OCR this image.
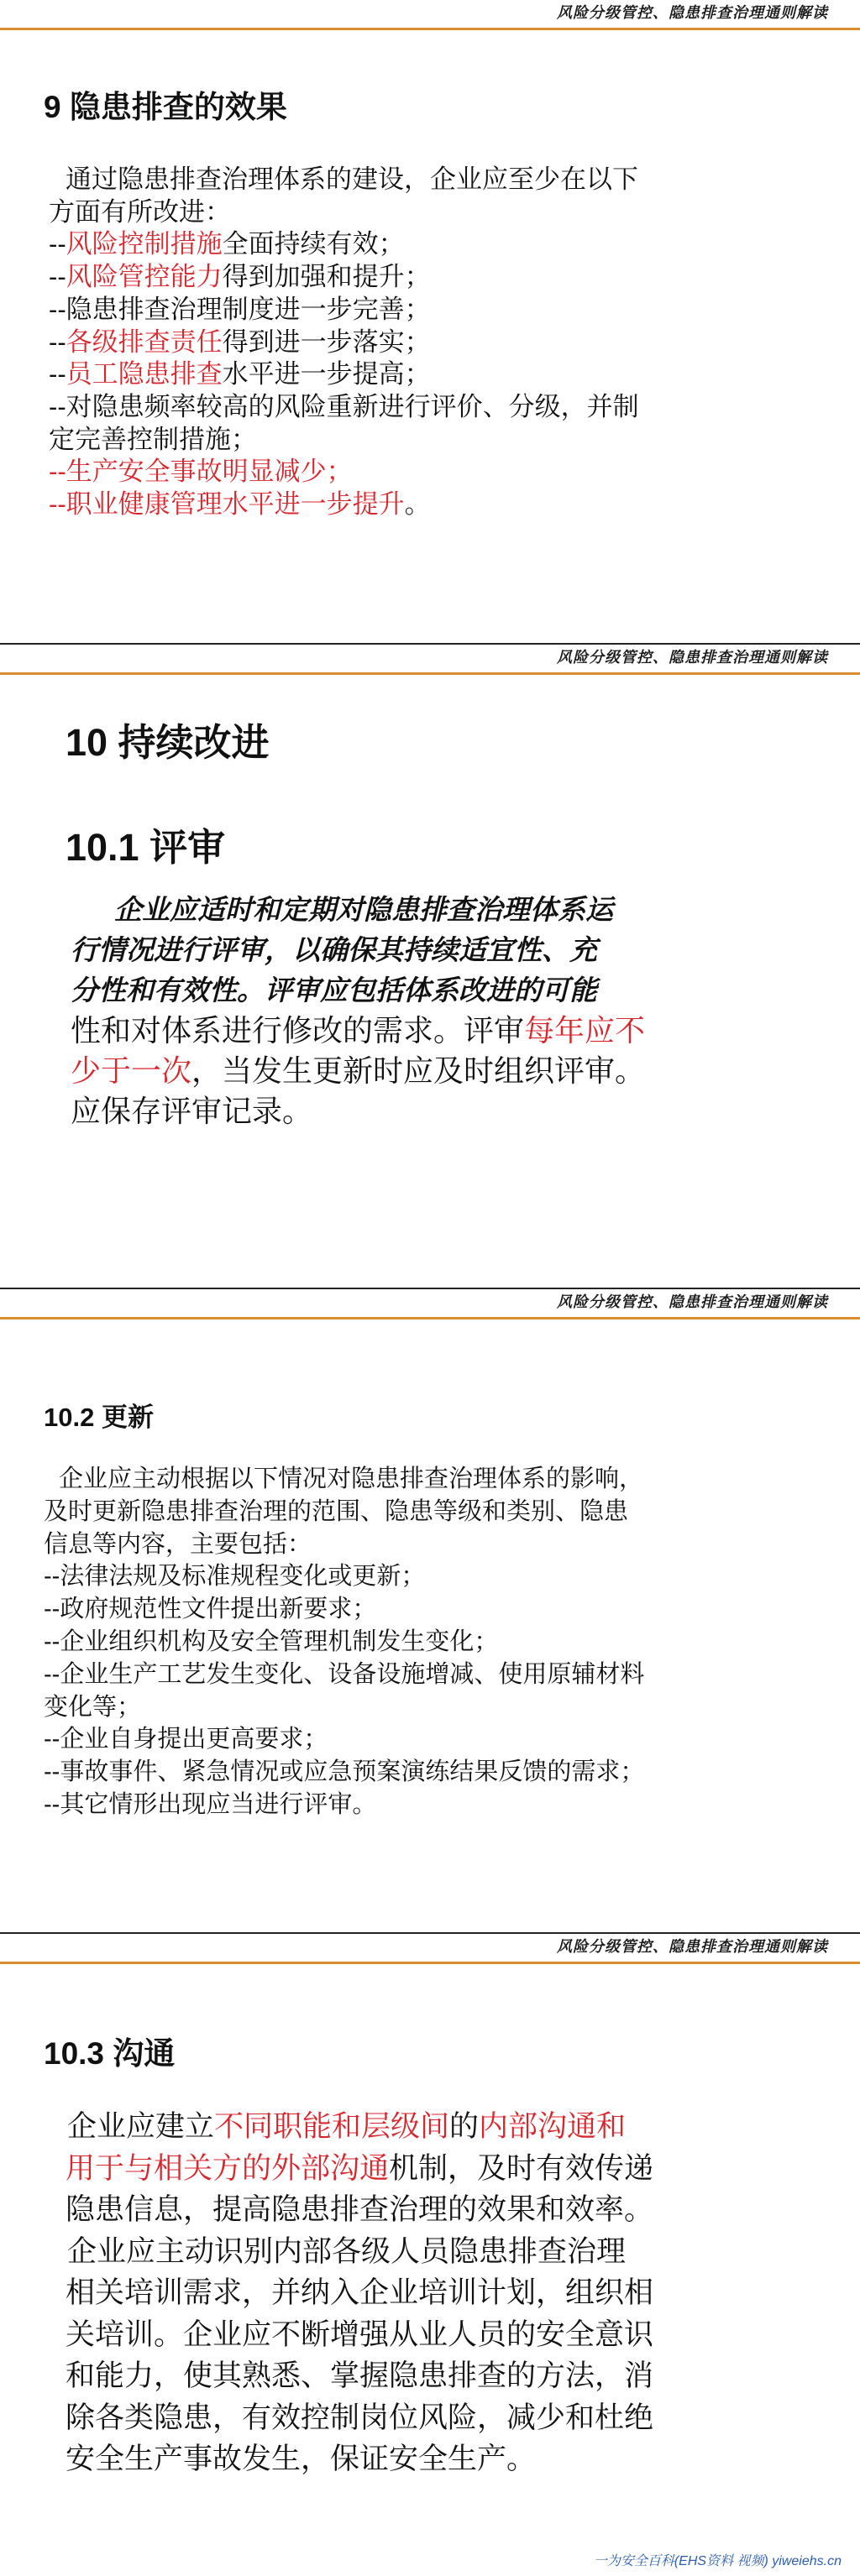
风险分级管控、隐患排查治理通则解读
9 隐患排查的效果
通过隐患排查治理体系的建设，企业应至少在以下
方面有所改进：
--风险控制措施全面持续有效；
--风险管控能力得到加强和提升；
--隐患排查治理制度进一步完善；
--各级排查责任得到进一步落实；
--员工隐患排查水平进一步提高；
--对隐患频率较高的风险重新进行评价、分级，并制
定完善控制措施；
--生产安全事故明显减少；
--职业健康管理水平进一步提升。
风险分级管控、隐患排查治理通则解读
10 持续改进
10.1 评审
企业应适时和定期对隐患排查治理体系运
行情况进行评审，以确保其持续适宜性、充
分性和有效性。评审应包括体系改进的可能
性和对体系进行修改的需求。评审每年应不
少于一次，当发生更新时应及时组织评审。
应保存评审记录。
风险分级管控、隐患排查治理通则解读
10.2 更新
企业应主动根据以下情况对隐患排查治理体系的影响，
及时更新隐患排查治理的范围、隐患等级和类别、隐患
信息等内容，主要包括：
--法律法规及标准规程变化或更新；
--政府规范性文件提出新要求；
--企业组织机构及安全管理机制发生变化；
--企业生产工艺发生变化、设备设施增减、使用原辅材料
变化等；
--企业自身提出更高要求；
--事故事件、紧急情况或应急预案演练结果反馈的需求；
--其它情形出现应当进行评审。
风险分级管控、隐患排查治理通则解读
10.3 沟通
企业应建立不同职能和层级间的内部沟通和
用于与相关方的外部沟通机制，及时有效传递
隐患信息，提高隐患排查治理的效果和效率。
企业应主动识别内部各级人员隐患排查治理
相关培训需求，并纳入企业培训计划，组织相
关培训。企业应不断增强从业人员的安全意识
和能力，使其熟悉、掌握隐患排查的方法，消
除各类隐患，有效控制岗位风险，减少和杜绝
安全生产事故发生，保证安全生产。
一为安全百科(EHS资料 视频) yiweiehs.cn
